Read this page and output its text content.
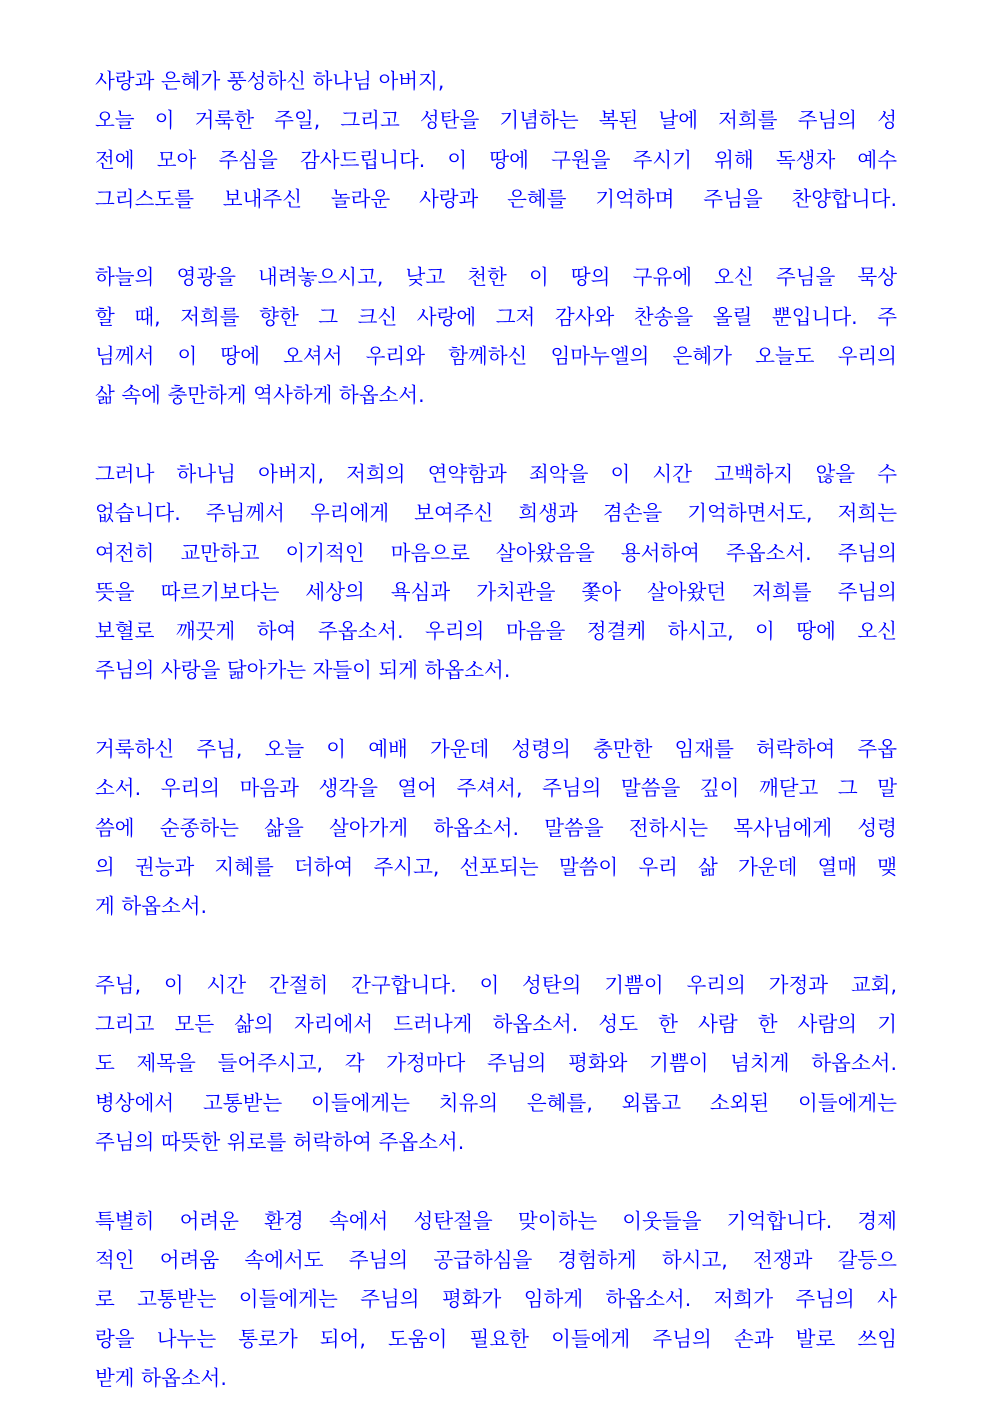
사랑과 은혜가 풍성하신 하나님 아버지,
오늘 이 거룩한 주일, 그리고 성탄을 기념하는 복된 날에 저희를 주님의 성
전에 모아 주심을 감사드립니다. 이 땅에 구원을 주시기 위해 독생자 예수
그리스도를 보내주신 놀라운 사랑과 은혜를 기억하며 주님을 찬양합니다.
하늘의 영광을 내려놓으시고, 낮고 천한 이 땅의 구유에 오신 주님을 묵상
할 때, 저희를 향한 그 크신 사랑에 그저 감사와 찬송을 올릴 뿐입니다. 주
님께서 이 땅에 오셔서 우리와 함께하신 임마누엘의 은혜가 오늘도 우리의
삶 속에 충만하게 역사하게 하옵소서.
그러나 하나님 아버지, 저희의 연약함과 죄악을 이 시간 고백하지 않을 수
없습니다. 주님께서 우리에게 보여주신 희생과 겸손을 기억하면서도, 저희는
여전히 교만하고 이기적인 마음으로 살아왔음을 용서하여 주옵소서. 주님의
뜻을 따르기보다는 세상의 욕심과 가치관을 쫓아 살아왔던 저희를 주님의
보혈로 깨끗게 하여 주옵소서. 우리의 마음을 정결케 하시고, 이 땅에 오신
주님의 사랑을 닮아가는 자들이 되게 하옵소서.
거룩하신 주님, 오늘 이 예배 가운데 성령의 충만한 임재를 허락하여 주옵
소서. 우리의 마음과 생각을 열어 주셔서, 주님의 말씀을 깊이 깨닫고 그 말
씀에 순종하는 삶을 살아가게 하옵소서. 말씀을 전하시는 목사님에게 성령
의 권능과 지혜를 더하여 주시고, 선포되는 말씀이 우리 삶 가운데 열매 맺
게 하옵소서.
주님, 이 시간 간절히 간구합니다. 이 성탄의 기쁨이 우리의 가정과 교회,
그리고 모든 삶의 자리에서 드러나게 하옵소서. 성도 한 사람 한 사람의 기
도 제목을 들어주시고, 각 가정마다 주님의 평화와 기쁨이 넘치게 하옵소서.
병상에서 고통받는 이들에게는 치유의 은혜를, 외롭고 소외된 이들에게는
주님의 따뜻한 위로를 허락하여 주옵소서.
특별히 어려운 환경 속에서 성탄절을 맞이하는 이웃들을 기억합니다. 경제
적인 어려움 속에서도 주님의 공급하심을 경험하게 하시고, 전쟁과 갈등으
로 고통받는 이들에게는 주님의 평화가 임하게 하옵소서. 저희가 주님의 사
랑을 나누는 통로가 되어, 도움이 필요한 이들에게 주님의 손과 발로 쓰임
받게 하옵소서.
